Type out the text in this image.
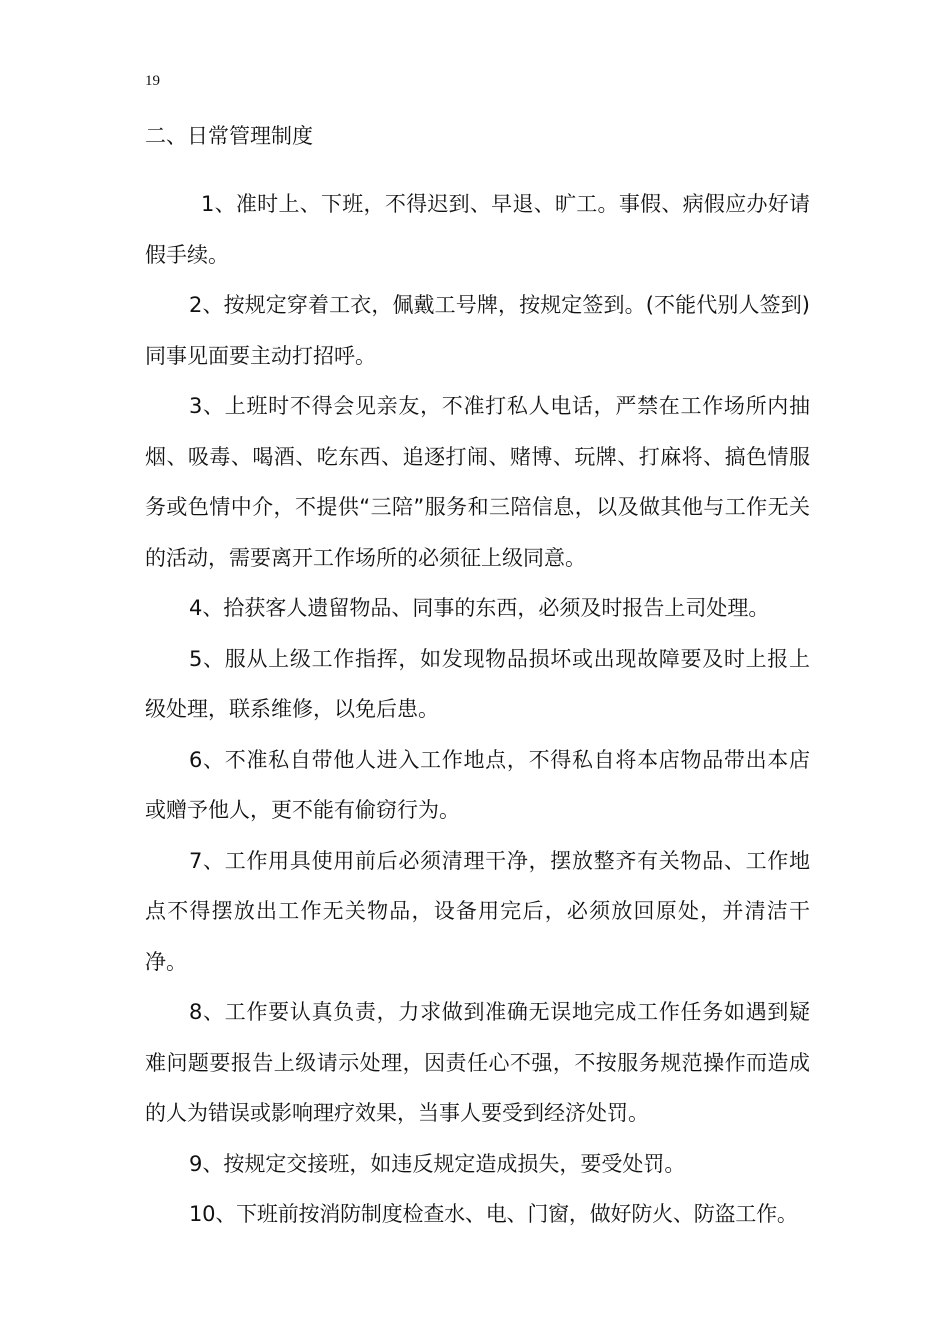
19
二、日常管理制度

1、准时上、下班，不得迟到、早退、旷工。事假、病假应办好请假手续。

2、按规定穿着工衣，佩戴工号牌，按规定签到。(不能代别人签到)同事见面要主动打招呼。

3、上班时不得会见亲友，不准打私人电话，严禁在工作场所内抽烟、吸毒、喝酒、吃东西、追逐打闹、赌博、玩牌、打麻将、搞色情服务或色情中介，不提供“三陪”服务和三陪信息，以及做其他与工作无关的活动，需要离开工作场所的必须征上级同意。

4、拾获客人遗留物品、同事的东西，必须及时报告上司处理。

5、服从上级工作指挥，如发现物品损坏或出现故障要及时上报上级处理，联系维修，以免后患。

6、不准私自带他人进入工作地点，不得私自将本店物品带出本店或赠予他人，更不能有偷窃行为。

7、工作用具使用前后必须清理干净，摆放整齐有关物品、工作地点不得摆放出工作无关物品，设备用完后，必须放回原处，并清洁干净。

8、工作要认真负责，力求做到准确无误地完成工作任务如遇到疑难问题要报告上级请示处理，因责任心不强，不按服务规范操作而造成的人为错误或影响理疗效果，当事人要受到经济处罚。

9、按规定交接班，如违反规定造成损失，要受处罚。

10、下班前按消防制度检查水、电、门窗，做好防火、防盗工作。
